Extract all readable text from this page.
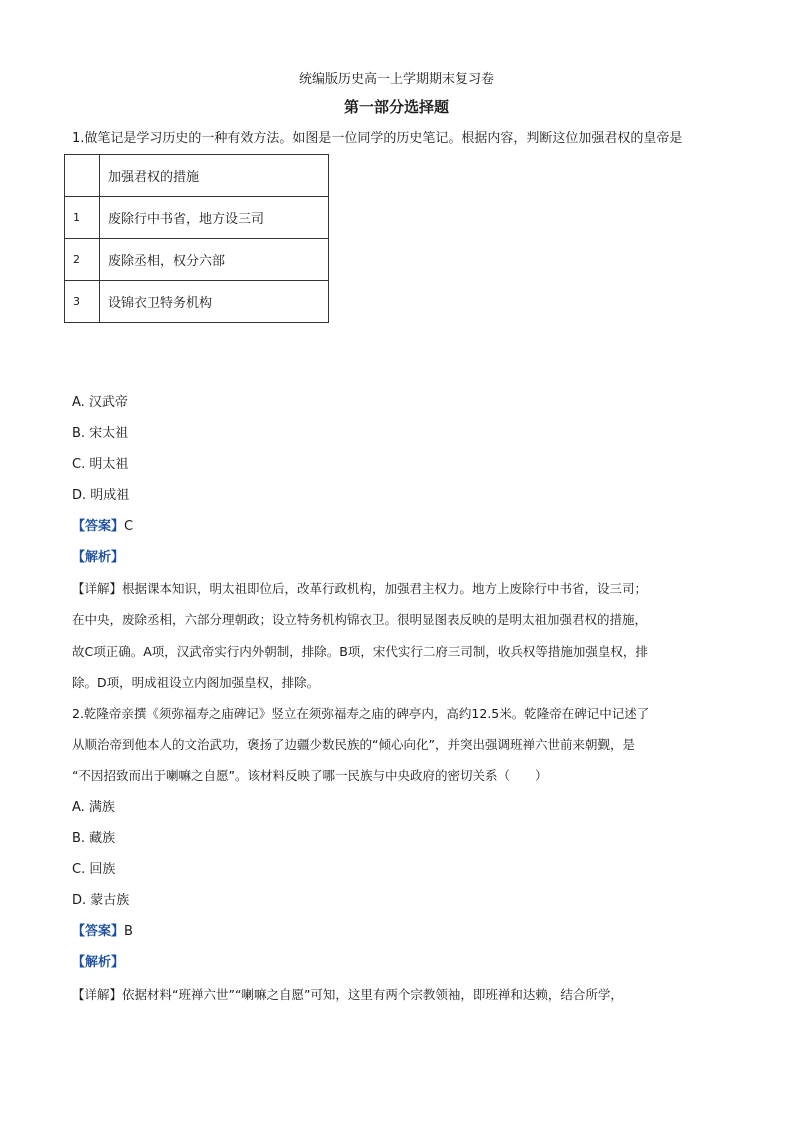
统编版历史高一上学期期末复习卷
第一部分选择题
1.做笔记是学习历史的一种有效方法。如图是一位同学的历史笔记。根据内容，判断这位加强君权的皇帝是
	加强君权的措施
1	废除行中书省，地方设三司
2	废除丞相，权分六部
3	设锦衣卫特务机构
A. 汉武帝
B. 宋太祖
C. 明太祖
D. 明成祖
【答案】C
【解析】
【详解】根据课本知识，明太祖即位后，改革行政机构，加强君主权力。地方上废除行中书省，设三司；
在中央，废除丞相，六部分理朝政；设立特务机构锦衣卫。很明显图表反映的是明太祖加强君权的措施，
故C项正确。A项，汉武帝实行内外朝制，排除。B项，宋代实行二府三司制，收兵权等措施加强皇权，排
除。D项，明成祖设立内阁加强皇权，排除。
2.乾隆帝亲撰《须弥福寿之庙碑记》竖立在须弥福寿之庙的碑亭内，高约12.5米。乾隆帝在碑记中记述了
从顺治帝到他本人的文治武功，褒扬了边疆少数民族的“倾心向化”，并突出强调班禅六世前来朝觐，是
“不因招致而出于喇嘛之自愿”。该材料反映了哪一民族与中央政府的密切关系（　　）
A. 满族
B. 藏族
C. 回族
D. 蒙古族
【答案】B
【解析】
【详解】依据材料“班禅六世”“喇嘛之自愿”可知，这里有两个宗教领袖，即班禅和达赖，结合所学，
